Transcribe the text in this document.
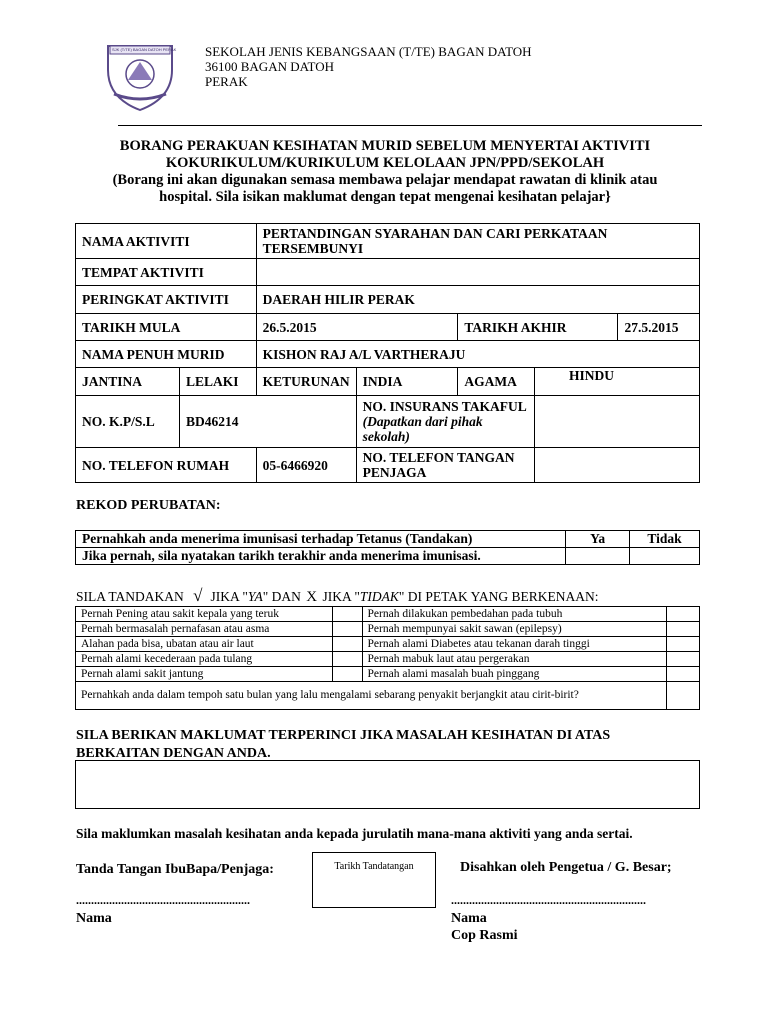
SJK (T/TE) BAGAN DATOH PERAK SEKOLAH JENIS KEBANGSAAN (T/TE) BAGAN DATOH
36100 BAGAN DATOH
PERAK
BORANG PERAKUAN KESIHATAN MURID SEBELUM MENYERTAI AKTIVITI
KOKURIKULUM/KURIKULUM KELOLAAN JPN/PPD/SEKOLAH
(Borang ini akan digunakan semasa membawa pelajar mendapat rawatan di klinik atau
hospital. Sila isikan maklumat dengan tepat mengenai kesihatan pelajar}
NAMA AKTIVITI		PERTANDINGAN SYARAHAN DAN CARI PERKATAAN TERSEMBUNYI				
TEMPAT AKTIVITI						
PERINGKAT AKTIVITI		DAERAH HILIR PERAK				
TARIKH MULA		26.5.2015		TARIKH AKHIR		27.5.2015
NAMA PENUH MURID		KISHON RAJ A/L VARTHERAJU				
JANTINA	LELAKI	KETURUNAN	INDIA	AGAMA	HINDU	
NO. K.P/S.L	BD46214		NO. INSURANS TAKAFUL (Dapatkan dari pihak sekolah)			
NO. TELEFON RUMAH		05-6466920	NO. TELEFON TANGAN PENJAGA			
REKOD PERUBATAN:
Pernahkah anda menerima imunisasi terhadap Tetanus (Tandakan)	Ya	Tidak
Jika pernah, sila nyatakan tarikh terakhir anda menerima imunisasi.		
SILA TANDAKAN √ JIKA "YA" DAN X JIKA "TIDAK" DI PETAK YANG BERKENAAN:
Pernah Pening atau sakit kepala yang teruk		Pernah dilakukan pembedahan pada tubuh	
Pernah bermasalah pernafasan atau asma		Pernah mempunyai sakit sawan (epilepsy)	
Alahan pada bisa, ubatan atau air laut		Pernah alami Diabetes atau tekanan darah tinggi	
Pernah alami kecederaan pada tulang		Pernah mabuk laut atau pergerakan	
Pernah alami sakit jantung		Pernah alami masalah buah pinggang	
Pernahkah anda dalam tempoh satu bulan yang lalu mengalami sebarang penyakit berjangkit atau cirit-birit?			
SILA BERIKAN MAKLUMAT TERPERINCI JIKA MASALAH KESIHATAN DI ATAS
BERKAITAN DENGAN ANDA.
Sila maklumkan masalah kesihatan anda kepada jurulatih mana-mana aktiviti yang anda sertai.
Tanda Tangan IbuBapa/Penjaga:	Tarikh Tandatangan	Disahkan oleh Pengetua / G. Besar;
..........................................................	.................................................................
Nama	Nama
Cop Rasmi
